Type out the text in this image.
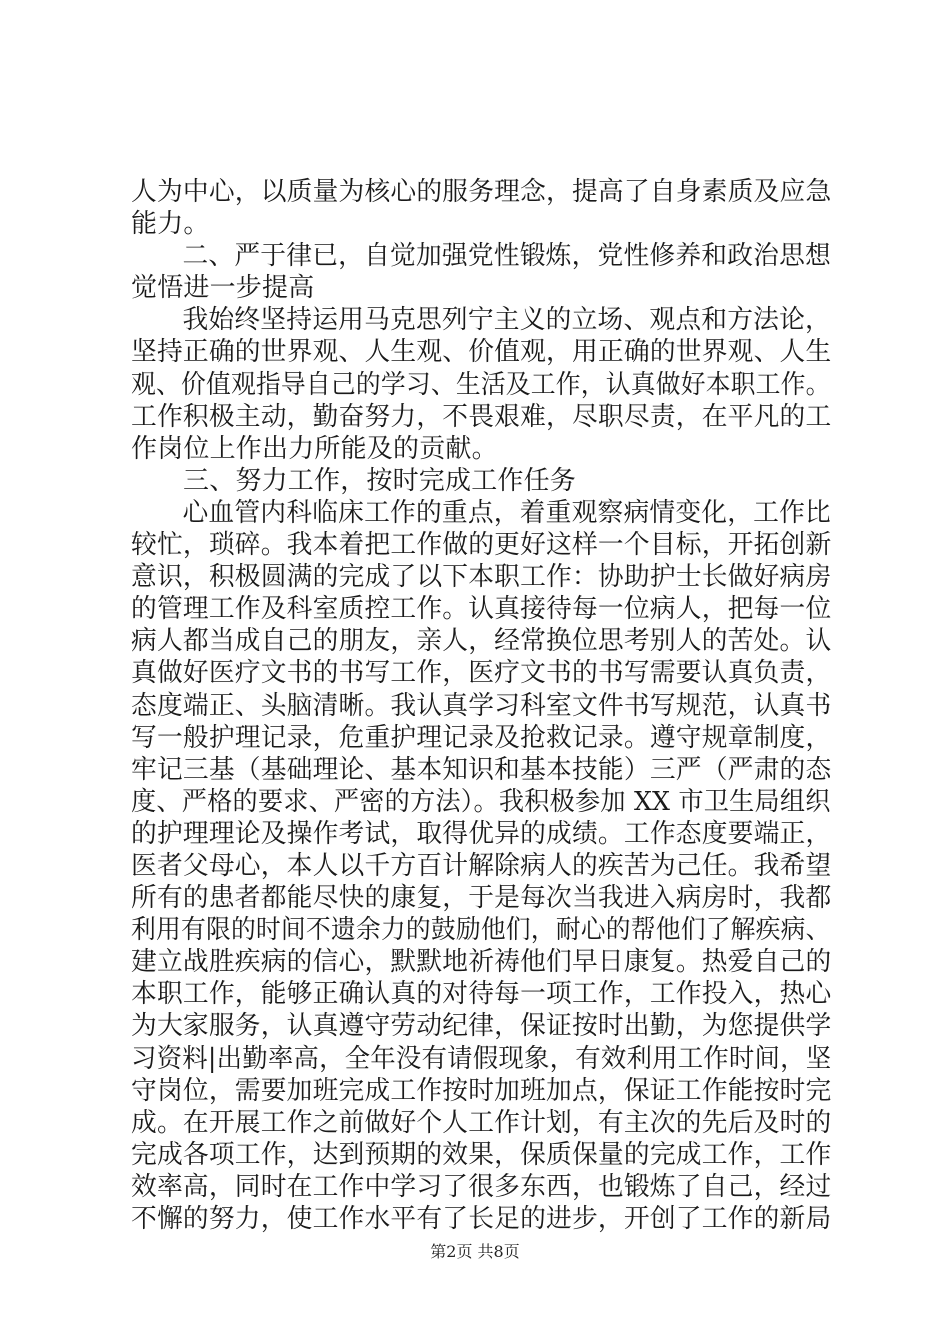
人为中心，以质量为核心的服务理念，提高了自身素质及应急
能力。
二、严于律已，自觉加强党性锻炼，党性修养和政治思想
觉悟进一步提高
我始终坚持运用马克思列宁主义的立场、观点和方法论，
坚持正确的世界观、人生观、价值观，用正确的世界观、人生
观、价值观指导自己的学习、生活及工作，认真做好本职工作。
工作积极主动，勤奋努力，不畏艰难，尽职尽责，在平凡的工
作岗位上作出力所能及的贡献。
三、努力工作，按时完成工作任务
心血管内科临床工作的重点，着重观察病情变化，工作比
较忙，琐碎。我本着把工作做的更好这样一个目标，开拓创新
意识，积极圆满的完成了以下本职工作：协助护士长做好病房
的管理工作及科室质控工作。认真接待每一位病人，把每一位
病人都当成自己的朋友，亲人，经常换位思考别人的苦处。认
真做好医疗文书的书写工作，医疗文书的书写需要认真负责，
态度端正、头脑清晰。我认真学习科室文件书写规范，认真书
写一般护理记录，危重护理记录及抢救记录。遵守规章制度，
牢记三基（基础理论、基本知识和基本技能）三严（严肃的态
度、严格的要求、严密的方法）。我积极参加 XX 市卫生局组织
的护理理论及操作考试，取得优异的成绩。工作态度要端正，
医者父母心，本人以千方百计解除病人的疾苦为己任。我希望
所有的患者都能尽快的康复，于是每次当我进入病房时，我都
利用有限的时间不遗余力的鼓励他们，耐心的帮他们了解疾病、
建立战胜疾病的信心，默默地祈祷他们早日康复。热爱自己的
本职工作，能够正确认真的对待每一项工作，工作投入，热心
为大家服务，认真遵守劳动纪律，保证按时出勤，为您提供学
习资料|出勤率高，全年没有请假现象，有效利用工作时间，坚
守岗位，需要加班完成工作按时加班加点，保证工作能按时完
成。在开展工作之前做好个人工作计划，有主次的先后及时的
完成各项工作，达到预期的效果，保质保量的完成工作，工作
效率高，同时在工作中学习了很多东西，也锻炼了自己，经过
不懈的努力，使工作水平有了长足的进步，开创了工作的新局
第2页 共8页
